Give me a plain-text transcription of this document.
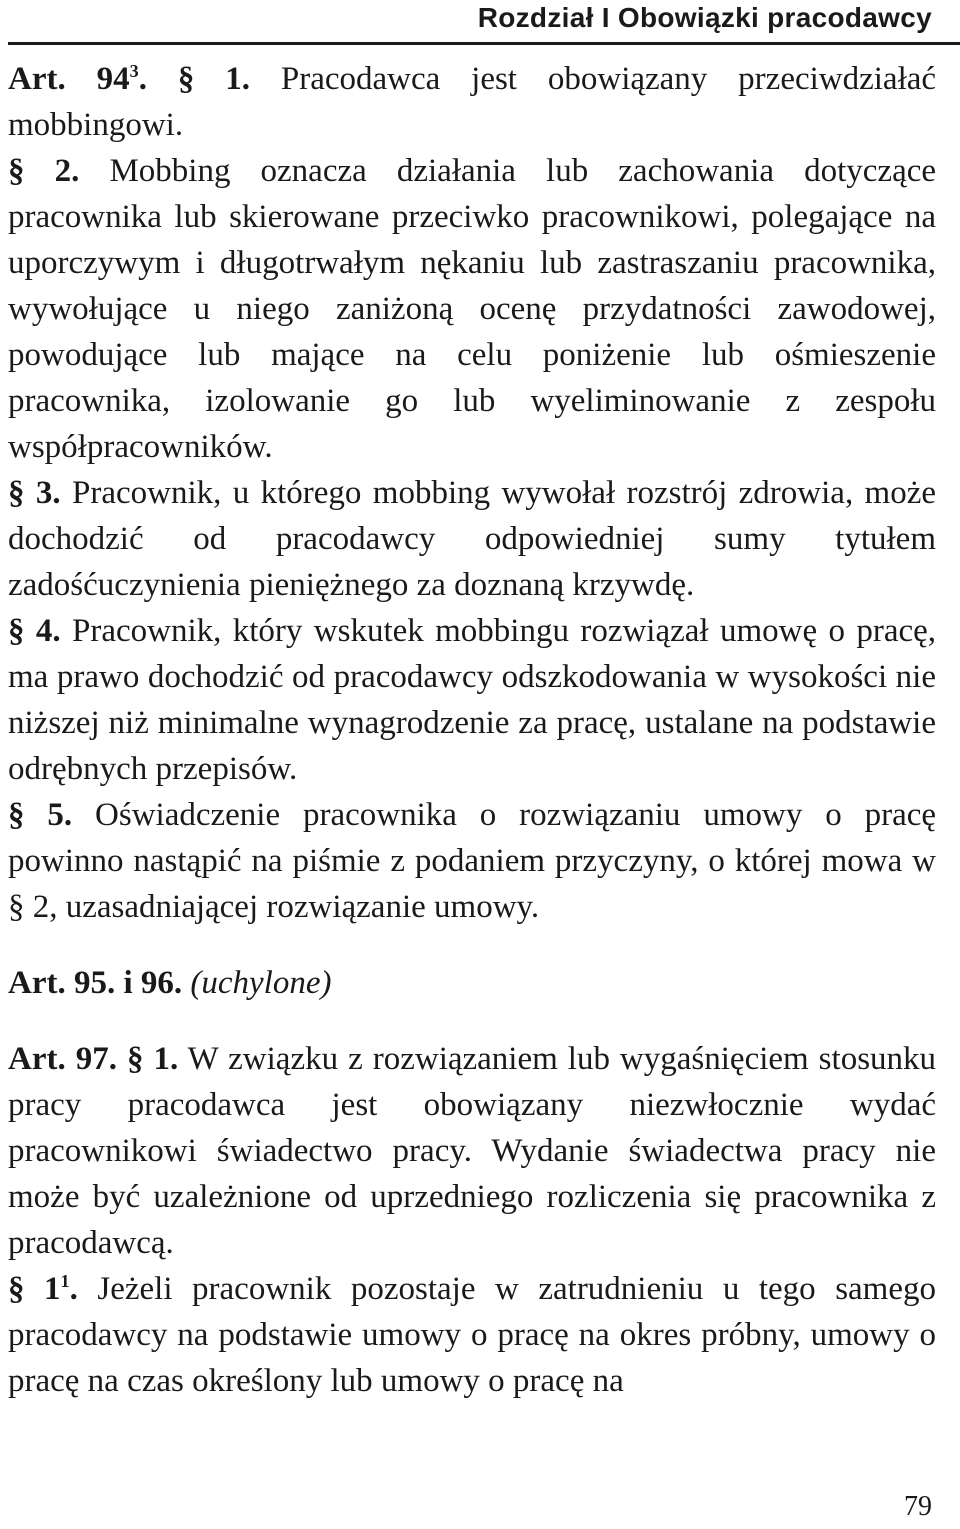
Rozdział I Obowiązki pracodawcy

Art. $94^3$. § 1. Pracodawca jest obowiązany przeciwdziałać mobbingowi.

§ 2. Mobbing oznacza działania lub zachowania dotyczące pracownika lub skierowane przeciwko pracownikowi, polegające na uporczywym i długotrwałym nękaniu lub zastraszaniu pracownika, wywołujące u niego zaniżoną ocenę przydatności zawodowej, powodujące lub mające na celu poniżenie lub ośmieszenie pracownika, izolowanie go lub wyeliminowanie z zespołu współpracowników.

§ 3. Pracownik, u którego mobbing wywołał rozstrój zdrowia, może dochodzić od pracodawcy odpowiedniej sumy tytułem zadośćuczynienia pieniężnego za doznaną krzywdę.

§ 4. Pracownik, który wskutek mobbingu rozwiązał umowę o pracę, ma prawo dochodzić od pracodawcy odszkodowania w wysokości nie niższej niż minimalne wynagrodzenie za pracę, ustalane na podstawie odrębnych przepisów.

§ 5. Oświadczenie pracownika o rozwiązaniu umowy o pracę powinno nastąpić na piśmie z podaniem przyczyny, o której mowa w § 2, uzasadniającej rozwiązanie umowy.

Art. 95. i 96. (uchylone)

Art. 97. § 1. W związku z rozwiązaniem lub wygaśnięciem stosunku pracy pracodawca jest obowiązany niezwłocznie wydać pracownikowi świadectwo pracy. Wydanie świadectwa pracy nie może być uzależnione od uprzedniego rozliczenia się pracownika z pracodawcą.

§ $1^1$. Jeżeli pracownik pozostaje w zatrudnieniu u tego samego pracodawcy na podstawie umowy o pracę na okres próbny, umowy o pracę na czas określony lub umowy o pracę na

79
